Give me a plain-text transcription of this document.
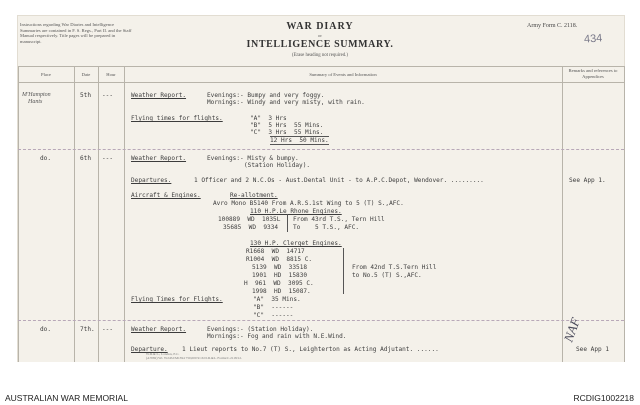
Instructions regarding War Diaries and Intelligence Summaries are contained in F. S. Regs., Part II. and the Staff Manual respectively. Title pages will be prepared in manuscript.
WAR DIARY
or
INTELLIGENCE SUMMARY.
(Erase heading not required.)
Army Form C. 2118.
434
Place	Date	Hour	Summary of Events and Information
Remarks and references to Appendices
M'Hampton
Hants
5th ---	Weather Report.	Evenings:- Bumpy and very foggy.
Mornings:- Windy and very misty, with rain.
Flying times for flights.	"A"  3 Hrs
"B"  5 Hrs  55 Mins.
"C"  3 Hrs  55 Mins.
12 Hrs  50 Mins.
do.	6th ---	Weather Report.	Evenings:- Misty & bumpy.
(Station Holiday).
Departures.	1 Officer and 2 N.C.Os - Aust.Dental Unit - to A.P.C.Depot, Wendover. .........	See App 1.
Aircraft & Engines.	Re-allotment.
Avro Mono B5140 From A.R.S.1st Wing to 5 (T) S.,AFC.
110 H.P.Le Rhone Engines.
100889  WD  1035L From 43rd T.S., Tern Hill
35685  WD  9334 To    5 T.S., AFC.
130 H.P. Clerget Engines.
R1668  WD  14717
R1004  WD  8815 C.
5139  WD  33518	From 42nd T.S.Tern Hill
1901  HD  15830	to No.5 (T) S.,AFC.
H  961  WD  3095 C.
1998  HD  15087.
Flying Times for Flights.	"A"  35 Mins.
"B"  ------
"C"  ------
do.	7th. ---	Weather Report.	Evenings:- (Station Holiday).
Mornings:- Fog and rain with N.E.Wind.
Departure. 1 Lieut reports to No.7 (T) S., Leighterton as Acting Adjutant. ......	See App 1
NAF
W.D.& L., London, E.C.
(A7082) Wt. W2452/M1394 750,000 9/16 D.D.&L. Forms/C.2118/12.
AUSTRALIAN WAR MEMORIAL	RCDIG1002218
